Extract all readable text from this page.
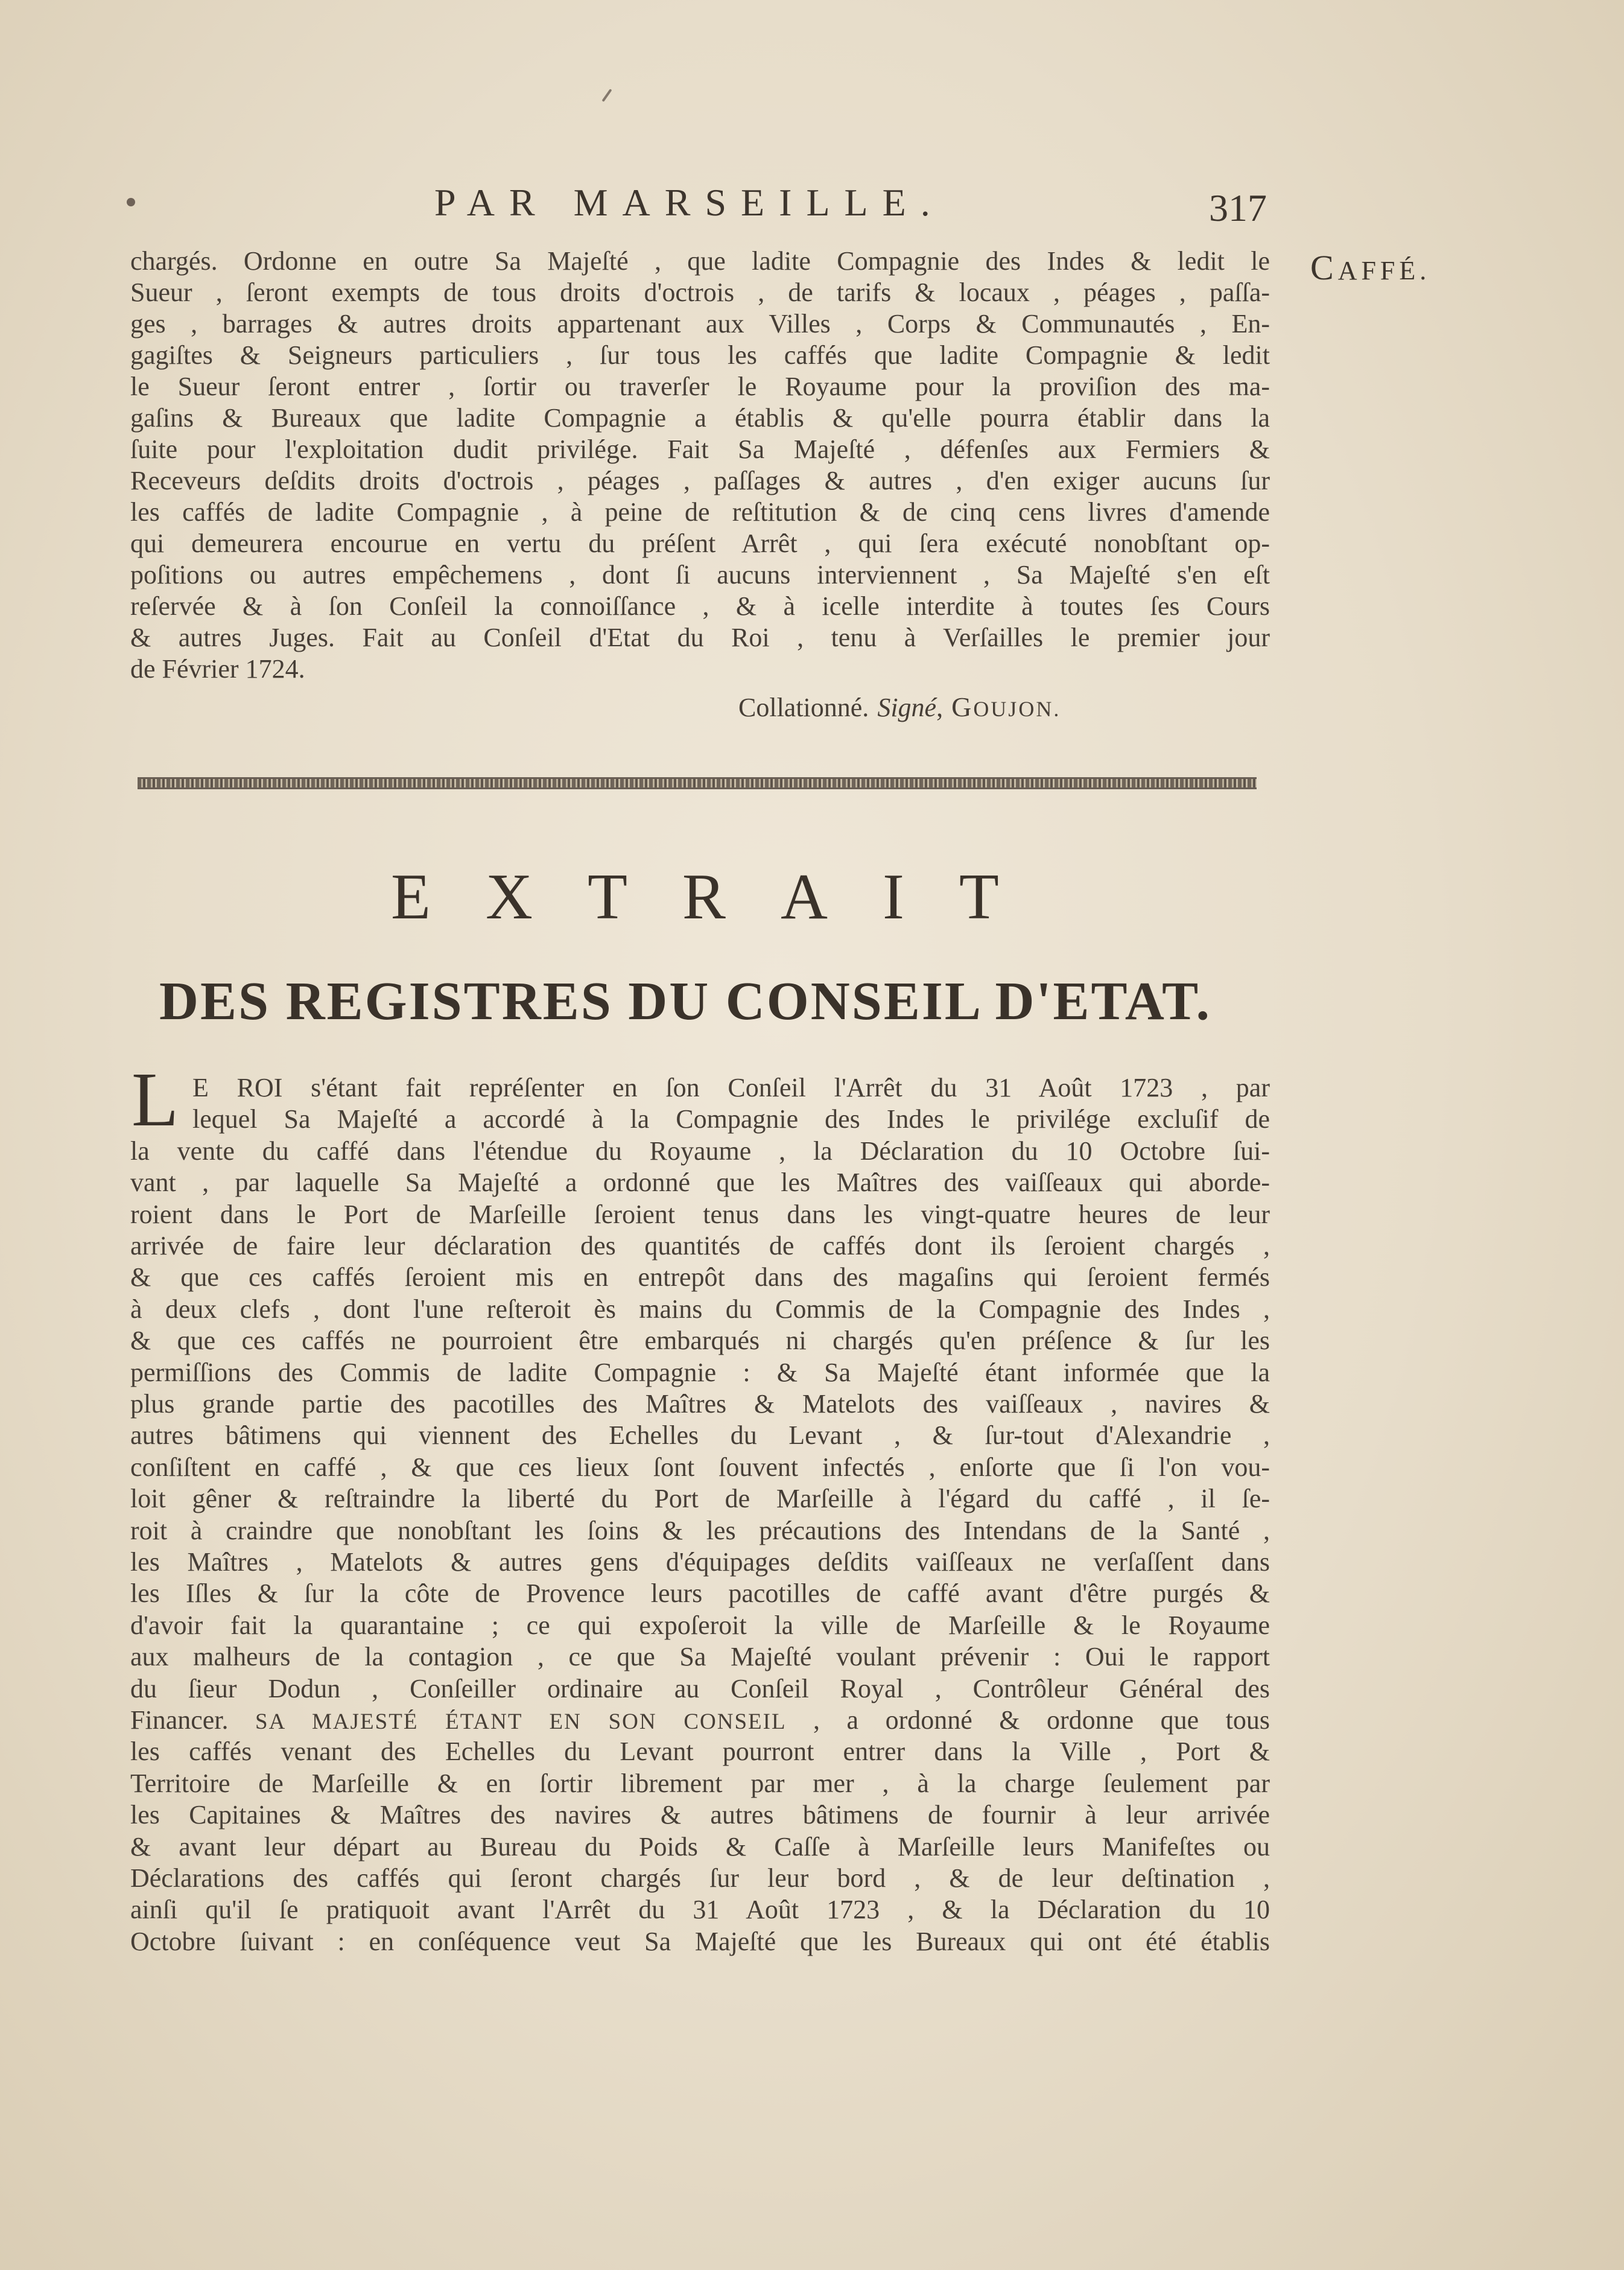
PAR MARSEILLE.	317
CAFFÉ.
chargés. Ordonne en outre Sa Majeſté , que ladite Compagnie des Indes & ledit le
Sueur , ſeront exempts de tous droits d'octrois , de tarifs & locaux , péages , paſſa-
ges , barrages & autres droits appartenant aux Villes , Corps & Communautés , En-
gagiſtes & Seigneurs particuliers , ſur tous les caffés que ladite Compagnie & ledit
le Sueur ſeront entrer , ſortir ou traverſer le Royaume pour la proviſion des ma-
gaſins & Bureaux que ladite Compagnie a établis & qu'elle pourra établir dans la
ſuite pour l'exploitation dudit privilége. Fait Sa Majeſté , défenſes aux Fermiers &
Receveurs deſdits droits d'octrois , péages , paſſages & autres , d'en exiger aucuns ſur
les caffés de ladite Compagnie , à peine de reſtitution & de cinq cens livres d'amende
qui demeurera encourue en vertu du préſent Arrêt , qui ſera exécuté nonobſtant op-
poſitions ou autres empêchemens , dont ſi aucuns interviennent , Sa Majeſté s'en eſt
reſervée & à ſon Conſeil la connoiſſance , & à icelle interdite à toutes ſes Cours
& autres Juges. Fait au Conſeil d'Etat du Roi , tenu à Verſailles le premier jour
de Février 1724.
Collationné. Signé, GOUJON.
EXTRAIT
DES REGISTRES DU CONSEIL D'ETAT.
L E ROI s'étant fait repréſenter en ſon Conſeil l'Arrêt du 31 Août 1723 , par
lequel Sa Majeſté a accordé à la Compagnie des Indes le privilége excluſif de
la vente du caffé dans l'étendue du Royaume , la Déclaration du 10 Octobre ſui-
vant , par laquelle Sa Majeſté a ordonné que les Maîtres des vaiſſeaux qui aborde-
roient dans le Port de Marſeille ſeroient tenus dans les vingt-quatre heures de leur
arrivée de faire leur déclaration des quantités de caffés dont ils ſeroient chargés ,
& que ces caffés ſeroient mis en entrepôt dans des magaſins qui ſeroient fermés
à deux clefs , dont l'une reſteroit ès mains du Commis de la Compagnie des Indes ,
& que ces caffés ne pourroient être embarqués ni chargés qu'en préſence & ſur les
permiſſions des Commis de ladite Compagnie : & Sa Majeſté étant informée que la
plus grande partie des pacotilles des Maîtres & Matelots des vaiſſeaux , navires &
autres bâtimens qui viennent des Echelles du Levant , & ſur-tout d'Alexandrie ,
conſiſtent en caffé , & que ces lieux ſont ſouvent infectés , enſorte que ſi l'on vou-
loit gêner & reſtraindre la liberté du Port de Marſeille à l'égard du caffé , il ſe-
roit à craindre que nonobſtant les ſoins & les précautions des Intendans de la Santé ,
les Maîtres , Matelots & autres gens d'équipages deſdits vaiſſeaux ne verſaſſent dans
les Iſles & ſur la côte de Provence leurs pacotilles de caffé avant d'être purgés &
d'avoir fait la quarantaine ; ce qui expoſeroit la ville de Marſeille & le Royaume
aux malheurs de la contagion , ce que Sa Majeſté voulant prévenir : Oui le rapport
du ſieur Dodun , Conſeiller ordinaire au Conſeil Royal , Contrôleur Général des
Financer. SA MAJESTÉ ÉTANT EN SON CONSEIL , a ordonné & ordonne que tous
les caffés venant des Echelles du Levant pourront entrer dans la Ville , Port &
Territoire de Marſeille & en ſortir librement par mer , à la charge ſeulement par
les Capitaines & Maîtres des navires & autres bâtimens de fournir à leur arrivée
& avant leur départ au Bureau du Poids & Caſſe à Marſeille leurs Manifeſtes ou
Déclarations des caffés qui ſeront chargés ſur leur bord , & de leur deſtination ,
ainſi qu'il ſe pratiquoit avant l'Arrêt du 31 Août 1723 , & la Déclaration du 10
Octobre ſuivant : en conſéquence veut Sa Majeſté que les Bureaux qui ont été établis
